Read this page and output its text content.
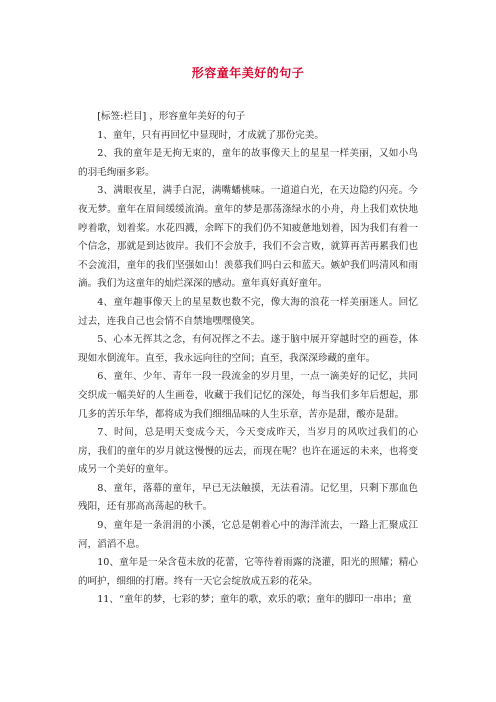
形容童年美好的句子

[标签:栏目] ，形容童年美好的句子

1、童年，只有再回忆中显现时，才成就了那份完美。

2、我的童年是无拘无束的，童年的故事像天上的星星一样美丽，又如小鸟的羽毛绚丽多彩。

3、满眼夜星，满手白泥，满嘴蟠桃味。一道道白光，在天边隐约闪亮。今夜无梦。童年在眉间缓缓流淌。童年的梦是那荡涤绿水的小舟，舟上我们欢快地哼着歌，划着桨。水花四溅，余晖下的我们仍不知疲惫地划着，因为我们有着一个信念，那就是到达彼岸。我们不会放手，我们不会言败，就算再苦再累我们也不会流泪，童年的我们坚强如山！羡慕我们吗白云和蓝天。嫉妒我们吗清风和雨滴。我们为这童年的灿烂深深的感动。童年真好真好童年。

4、童年趣事像天上的星星数也数不完，像大海的浪花一样美丽迷人。回忆过去，连我自己也会情不自禁地嘿嘿傻笑。

5、心本无挥其之念，有何况挥之不去。遂于脑中展开穿越时空的画卷，体现如水倒流年。直至，我永远向往的空间；直至，我深深珍藏的童年。

6、童年、少年、青年一段一段流金的岁月里，一点一滴美好的记忆，共同交织成一幅美好的人生画卷，收藏于我们记忆的深处，每当我们多年后想起，那几多的苦乐年华，都将成为我们细细品味的人生乐章，苦亦是甜，酸亦是甜。

7、时间，总是明天变成今天，今天变成昨天，当岁月的风吹过我们的心房，我们的童年的岁月就这慢慢的远去，而现在呢？也许在遥远的未来，也将变成另一个美好的童年。

8、童年，落幕的童年，早已无法触摸，无法看清。记忆里，只剩下那血色残阳，还有那高高荡起的秋千。

9、童年是一条涓涓的小溪，它总是朝着心中的海洋流去，一路上汇聚成江河，滔滔不息。

10、童年是一朵含苞未放的花蕾，它等待着雨露的浇灌，阳光的照耀；精心的呵护，细细的打磨。终有一天它会绽放成五彩的花朵。

11、“童年的梦，七彩的梦；童年的歌，欢乐的歌；童年的脚印一串串；童
